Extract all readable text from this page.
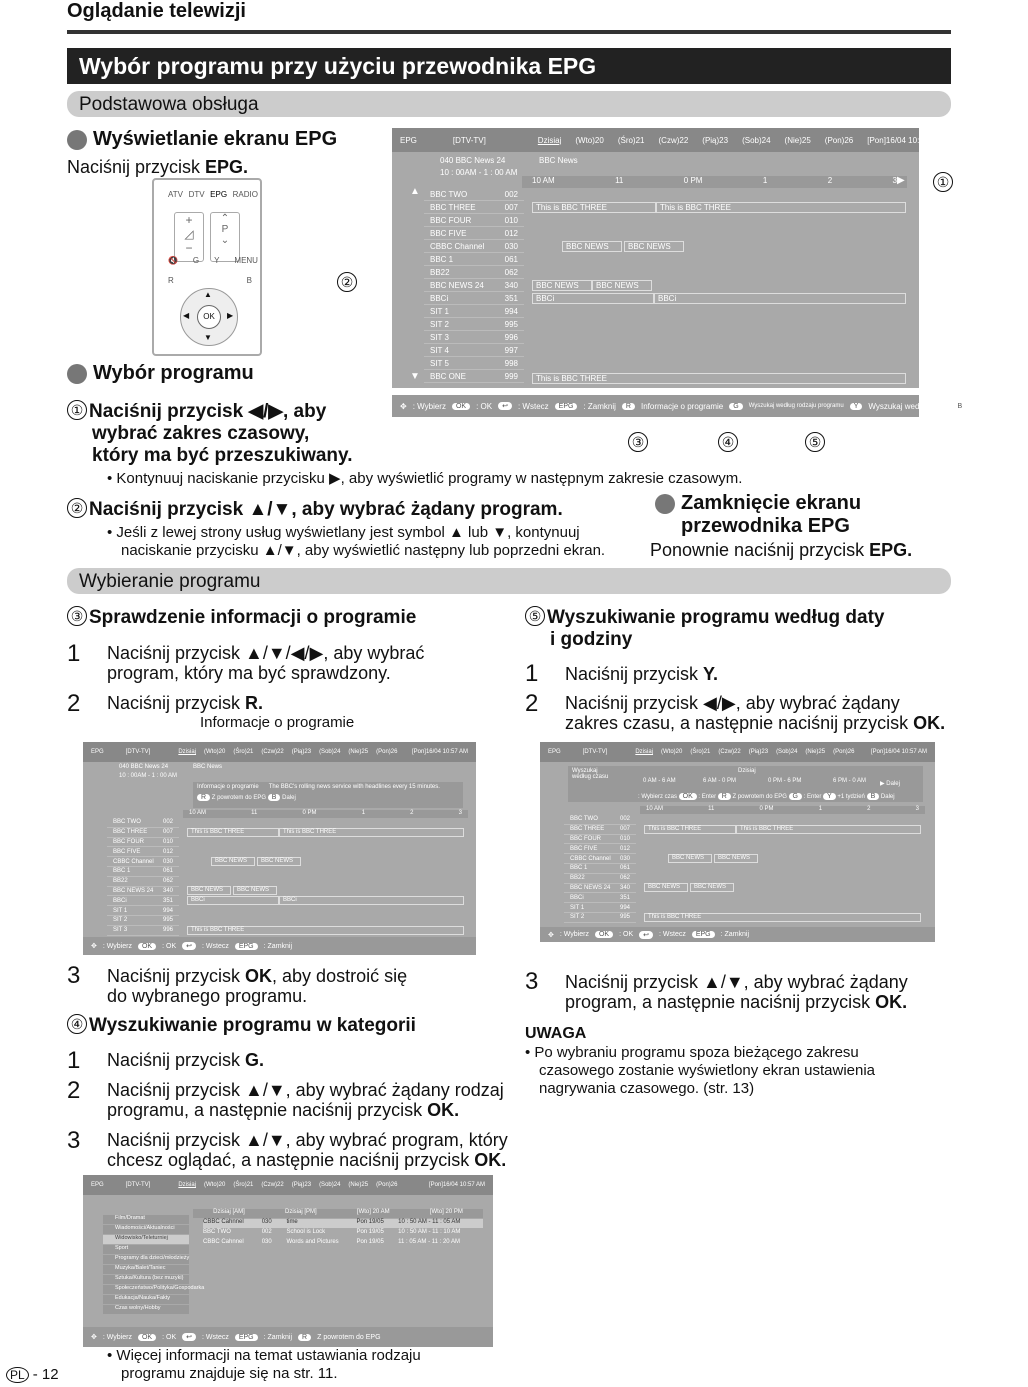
Oglądanie telewizji
Wybór programu przy użyciu przewodnika EPG
Podstawowa obsługa
Wyświetlanie ekranu EPG
Naciśnij przycisk EPG.
ATV DTV EPG RADIO
+
◿
−
⌃
P
⌄
🔇 G Y MENU
R	B
OK
▲
▼
◀	▶
②
①
EPG	[DTV-TV]	Dzisiaj (Wto)20 (Śro)21 (Czw)22 (Pią)23 (Sob)24 (Nie)25 (Pon)26 [Pon]16/04 10:57 AM
040 BBC News 24
10 : 00AM - 1 : 00 AM
BBC News
10 AM	11	0 PM	1	2	3
▲
▼
▶
BBC TWO	002
BBC THREE	007
BBC FOUR	010
BBC FIVE	012
CBBC Channel	030
BBC 1	061
BB22	062
BBC NEWS 24	340
BBCi	351
SIT 1	994
SIT 2	995
SIT 3	996
SIT 4	997
SIT 5	998
BBC ONE	999
This is BBC THREE	This is BBC THREE
BBC NEWS	BBC NEWS
BBC NEWS	BBC NEWS
BBCi	BBCi
This is BBC THREE
✥ : Wybierz	OK	: OK	↩	: Wstecz	EPG	: Zamknij	R	Informacje o programie	G	Wyszukaj według rodzaju programu	Y	Wyszukaj według daty	B	Przegląd timera
③	④	⑤
Wybór programu
① Naciśnij przycisk ◀/▶, aby
wybrać zakres czasowy,
który ma być przeszukiwany.
• Kontynuuj naciskanie przycisku ▶, aby wyświetlić programy w następnym zakresie czasowym.
② Naciśnij przycisk ▲/▼, aby wybrać żądany program.
• Jeśli z lewej strony usług wyświetlany jest symbol ▲ lub ▼, kontynuuj
naciskanie przycisku ▲/▼, aby wyświetlić następny lub poprzedni ekran.
Zamknięcie ekranu
przewodnika EPG
Ponownie naciśnij przycisk EPG.
Wybieranie programu
③ Sprawdzenie informacji o programie
1 Naciśnij przycisk ▲/▼/◀/▶, aby wybrać
program, który ma być sprawdzony.
2 Naciśnij przycisk R.
Informacje o programie
EPG	[DTV-TV]	Dzisiaj (Wto)20 (Śro)21 (Czw)22 (Pią)23 (Sob)24 (Nie)25 (Pon)26 [Pon]16/04 10:57 AM
040 BBC News 24
10 : 00AM - 1 : 00 AM
BBC News
Informacje o programie The BBC's rolling news service with headlines every 15 minutes.
R Z powrotem do EPG B Dalej
10 AM	11	0 PM	1	2	3
BBC TWO	002
BBC THREE	007
BBC FOUR	010
BBC FIVE	012
CBBC Channel 030
BBC 1	061
BB22	062
BBC NEWS 24 340
BBCi	351
SIT 1	994
SIT 2	995
SIT 3	996
✥ : Wybierz	OK	: OK	↩	: Wstecz	EPG	: Zamknij
This is BBC THREE	This is BBC THREE
BBC NEWS	BBC NEWS
BBC NEWS	BBC NEWS
BBCi	BBCi
This is BBC THREE
3 Naciśnij przycisk OK, aby dostroić się
do wybranego programu.
④ Wyszukiwanie programu w kategorii
1 Naciśnij przycisk G.
2 Naciśnij przycisk ▲/▼, aby wybrać żądany rodzaj
programu, a następnie naciśnij przycisk OK.
3 Naciśnij przycisk ▲/▼, aby wybrać program, który
chcesz oglądać, a następnie naciśnij przycisk OK.
EPG	[DTV-TV]	Dzisiaj (Wto)20 (Śro)21 (Czw)22 (Pią)23 (Sob)24 (Nie)25 (Pon)26	[Pon]16/04 10:57 AM
Dzisiaj [AM]	Dzisiaj [PM]	[Wto] 20 AM	[Wto] 20 PM
Film/Dramat
Wiadomości/Aktualności
Widowisko/Teleturniej
Sport
Programy dla dzieci/młodzieży
Muzyka/Balet/Taniec
Sztuka/Kultura (bez muzyki)
Społeczeństwo/Polityka/Gospodarka
Edukacja/Nauka/Fakty
Czas wolny/Hobby
CBBC Cahnnel	030	time	Pon 19/05	10 : 50 AM - 11 : 05 AM
BBC TWO	002	School is Lock	Pon 19/05	10 : 50 AM - 11 : 10 AM
CBBC Cahnnel	030	Words and Pictures	Pon 19/05	11 : 05 AM - 11 : 20 AM
✥ : Wybierz	OK	: OK	↩	: Wstecz	EPG	: Zamknij	R	Z powrotem do EPG
⑤ Wyszukiwanie programu według daty
i godziny
1 Naciśnij przycisk Y.
2 Naciśnij przycisk ◀/▶, aby wybrać żądany
zakres czasu, a następnie naciśnij przycisk OK.
EPG	[DTV-TV]	Dzisiaj (Wto)20 (Śro)21 (Czw)22 (Pią)23 (Sob)24 (Nie)25 (Pon)26	[Pon]16/04 10:57 AM
Wyszukaj według czasu
Dzisiaj
0 AM - 6 AM	6 AM - 0 PM	0 PM - 6 PM	6 PM - 0 AM	▶ Dalej
: Wybierz czas OK : Enter R Z powrotem do EPG G : Enter Y +1 tydzień B Dalej
10 AM	11	0 PM	1	2	3
BBC TWO	002
BBC THREE	007
BBC FOUR	010
BBC FIVE	012
CBBC Channel 030
BBC 1	061
BB22	062
BBC NEWS 24 340
BBCi	351
SIT 1	994
SIT 2	995
✥ : Wybierz	OK	: OK	↩	: Wstecz	EPG	: Zamknij
This is BBC THREE	This is BBC THREE
BBC NEWS	BBC NEWS
BBC NEWS	BBC NEWS
This is BBC THREE
3 Naciśnij przycisk ▲/▼, aby wybrać żądany
program, a następnie naciśnij przycisk OK.
UWAGA
• Po wybraniu programu spoza bieżącego zakresu
czasowego zostanie wyświetlony ekran ustawienia
nagrywania czasowego. (str. 13)
• Więcej informacji na temat ustawiania rodzaju
programu znajduje się na str. 11.
PL - 12
